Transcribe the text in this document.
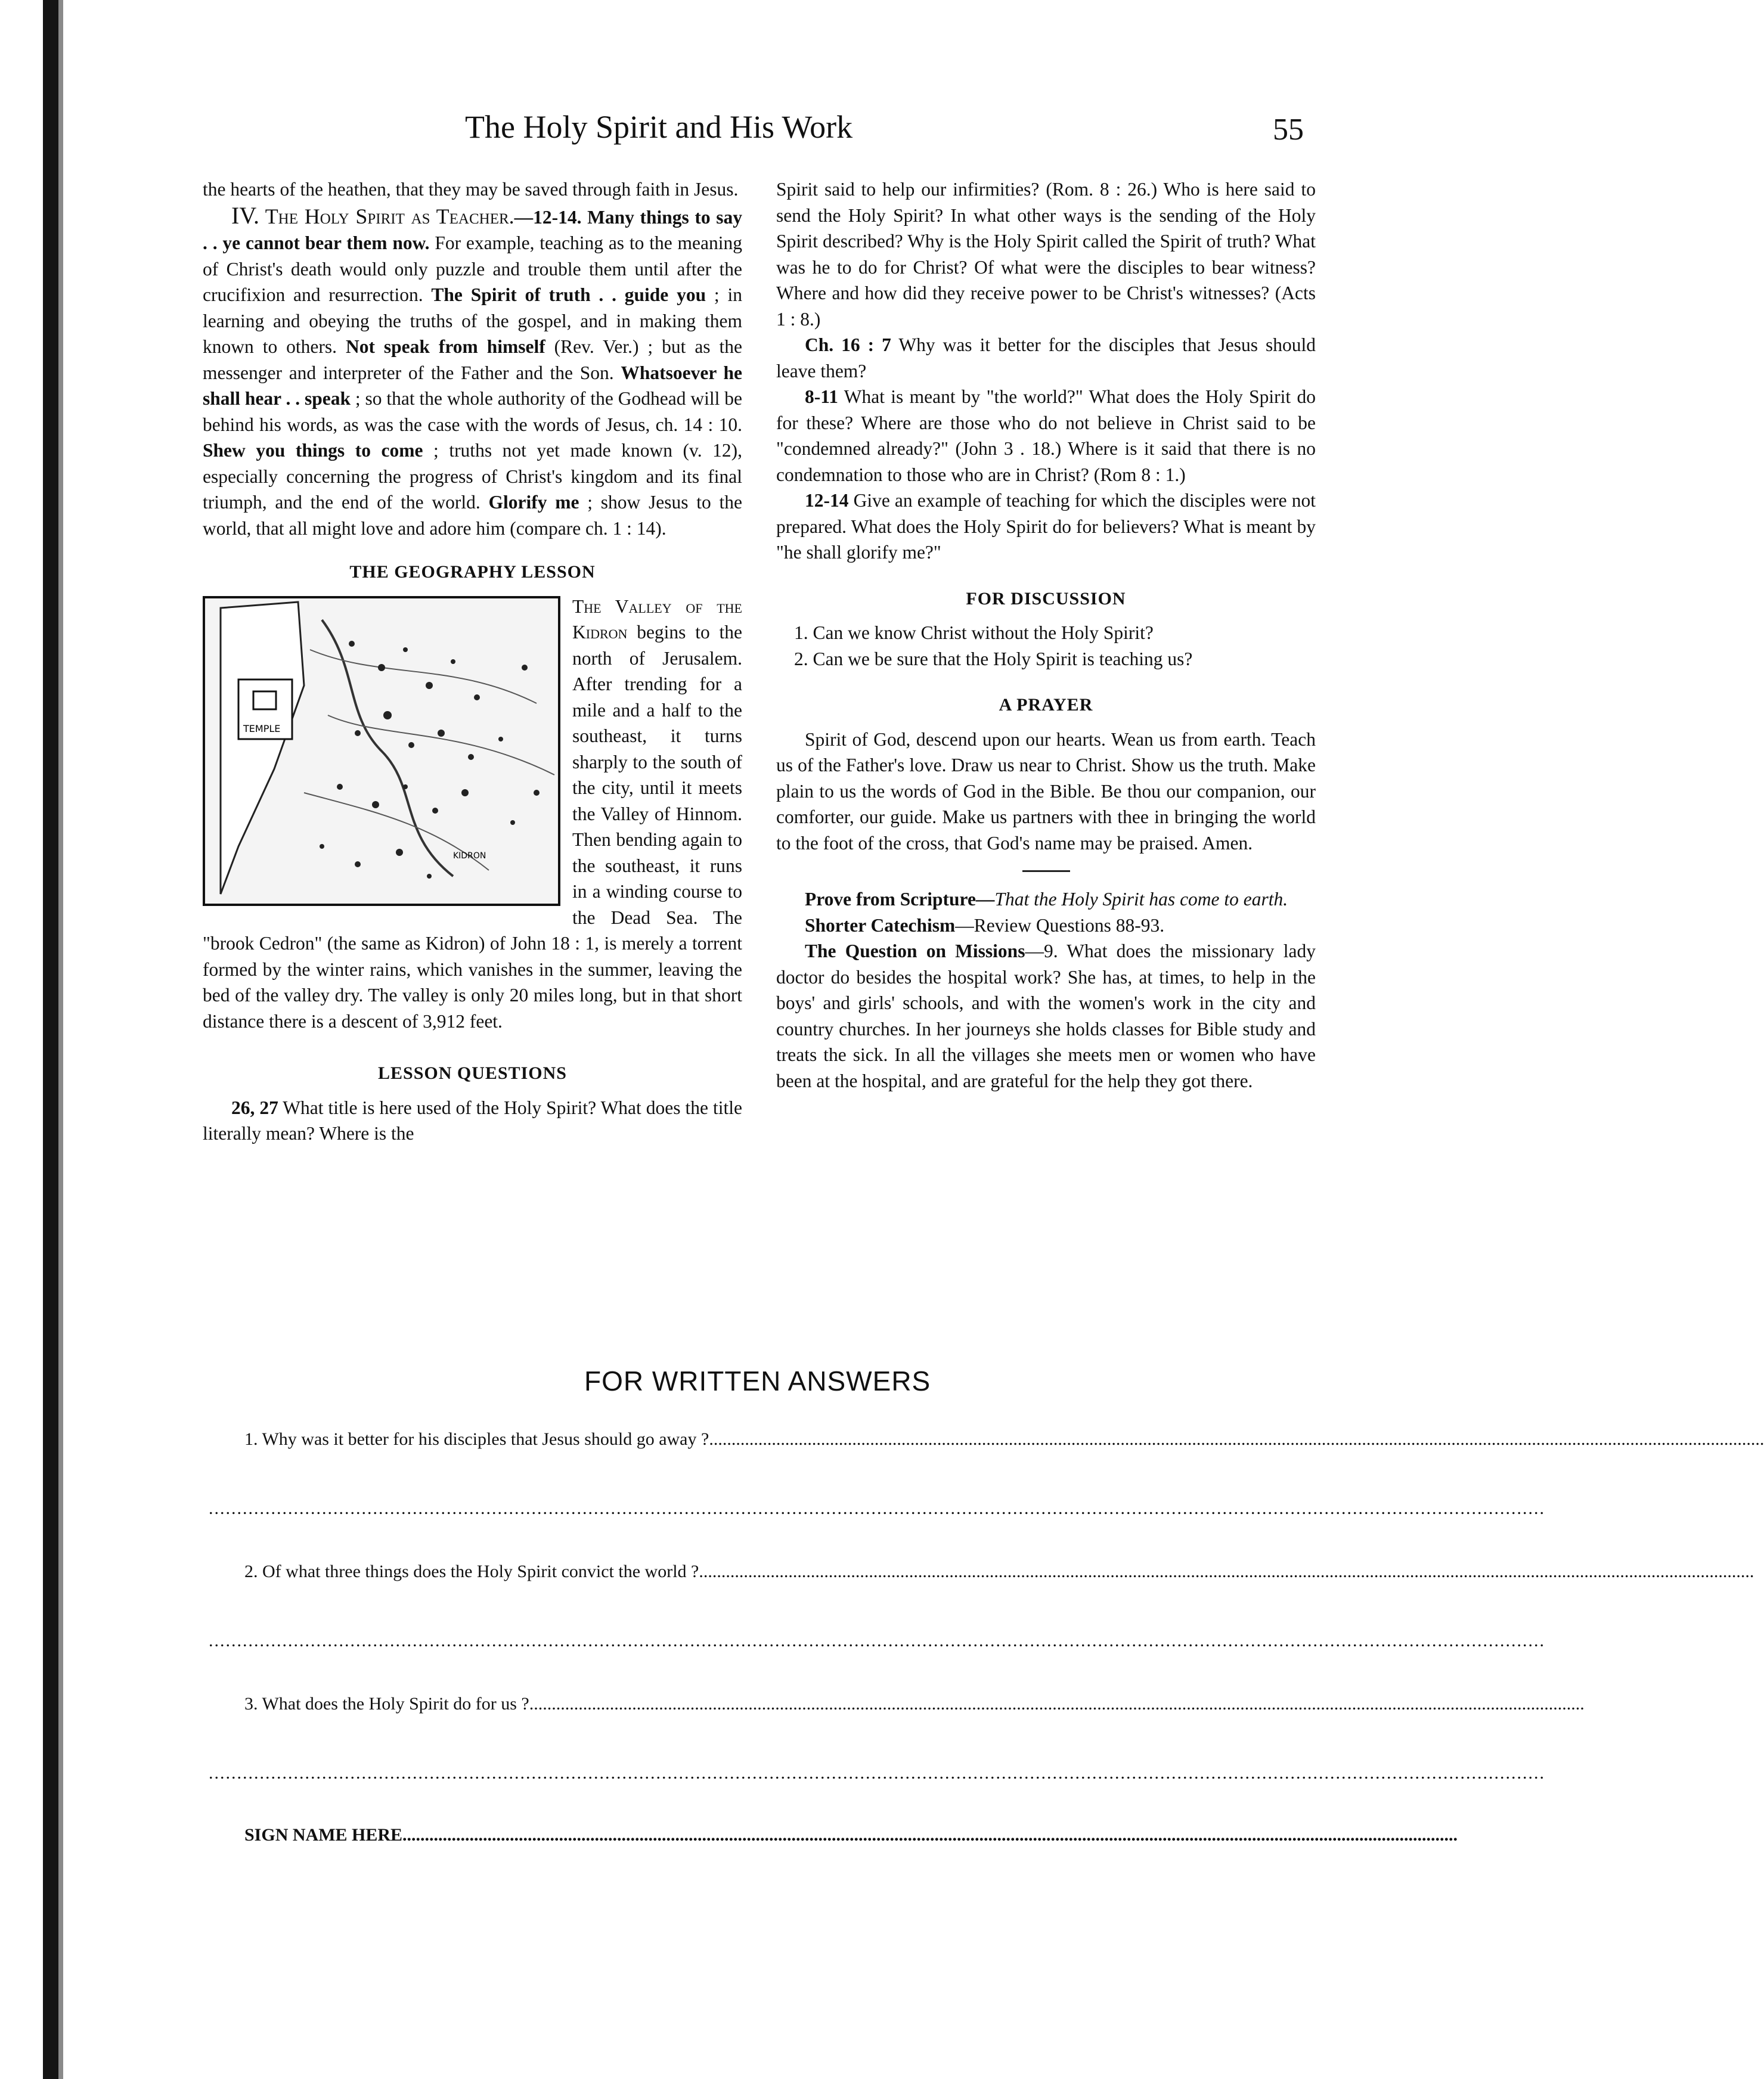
The Holy Spirit and His Work	55

the hearts of the heathen, that they may be saved through faith in Jesus.

IV. The Holy Spirit as Teacher.—12-14. Many things to say . . ye cannot bear them now. For example, teaching as to the meaning of Christ's death would only puzzle and trouble them until after the crucifixion and resurrection. The Spirit of truth . . guide you ; in learning and obeying the truths of the gospel, and in making them known to others. Not speak from himself (Rev. Ver.) ; but as the messenger and interpreter of the Father and the Son. Whatsoever he shall hear . . speak ; so that the whole authority of the Godhead will be behind his words, as was the case with the words of Jesus, ch. 14 : 10. Shew you things to come ; truths not yet made known (v. 12), especially concerning the progress of Christ's kingdom and its final triumph, and the end of the world. Glorify me ; show Jesus to the world, that all might love and adore him (compare ch. 1 : 14).

THE GEOGRAPHY LESSON
TEMPLE
KIDRON

The Valley of the Kidron begins to the north of Jerusalem. After trending for a mile and a half to the southeast, it turns sharply to the south of the city, until it meets the Valley of Hinnom. Then bending again to the southeast, it runs in a winding course to the Dead Sea. The "brook Cedron" (the same as Kidron) of John 18 : 1, is merely a torrent formed by the winter rains, which vanishes in the summer, leaving the bed of the valley dry. The valley is only 20 miles long, but in that short distance there is a descent of 3,912 feet.

LESSON QUESTIONS

26, 27 What title is here used of the Holy Spirit? What does the title literally mean? Where is the

Spirit said to help our infirmities? (Rom. 8 : 26.) Who is here said to send the Holy Spirit? In what other ways is the sending of the Holy Spirit described? Why is the Holy Spirit called the Spirit of truth? What was he to do for Christ? Of what were the disciples to bear witness? Where and how did they receive power to be Christ's witnesses? (Acts 1 : 8.)

Ch. 16 : 7 Why was it better for the disciples that Jesus should leave them?

8-11 What is meant by "the world?" What does the Holy Spirit do for these? Where are those who do not believe in Christ said to be "condemned already?" (John 3 . 18.) Where is it said that there is no condemnation to those who are in Christ? (Rom 8 : 1.)

12-14 Give an example of teaching for which the disciples were not prepared. What does the Holy Spirit do for believers? What is meant by "he shall glorify me?"

FOR DISCUSSION
1. Can we know Christ without the Holy Spirit?
2. Can we be sure that the Holy Spirit is teaching us?
A PRAYER

Spirit of God, descend upon our hearts. Wean us from earth. Teach us of the Father's love. Draw us near to Christ. Show us the truth. Make plain to us the words of God in the Bible. Be thou our companion, our comforter, our guide. Make us partners with thee in bringing the world to the foot of the cross, that God's name may be praised. Amen.

Prove from Scripture—That the Holy Spirit has come to earth.

Shorter Catechism—Review Questions 88-93.

The Question on Missions—9. What does the missionary lady doctor do besides the hospital work? She has, at times, to help in the boys' and girls' schools, and with the women's work in the city and country churches. In her journeys she holds classes for Bible study and treats the sick. In all the villages she meets men or women who have been at the hospital, and are grateful for the help they got there.

FOR WRITTEN ANSWERS
1. Why was it better for his disciples that Jesus should go away ?............................................................................................................................................................................................................................................
............................................................................................................................................................................................................................................
2. Of what three things does the Holy Spirit convict the world ?............................................................................................................................................................................................................................................
............................................................................................................................................................................................................................................
3. What does the Holy Spirit do for us ?............................................................................................................................................................................................................................................
............................................................................................................................................................................................................................................
SIGN NAME HERE............................................................................................................................................................................................................................................
